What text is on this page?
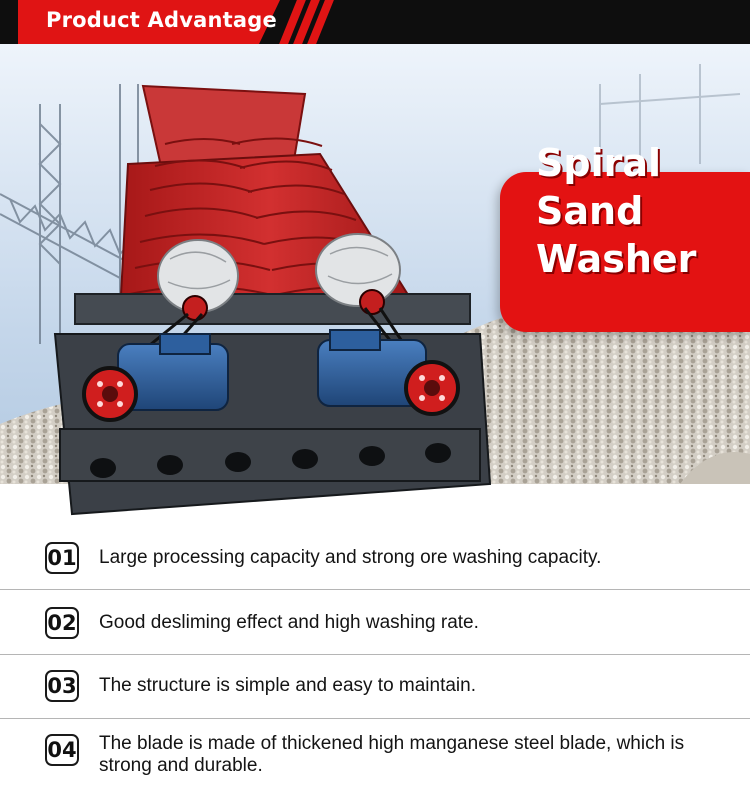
Product Advantage
Spiral
Sand
Washer
01 Large processing capacity and strong ore washing capacity.
02 Good desliming effect and high washing rate.
03 The structure is simple and easy to maintain.
04 The blade is made of thickened high manganese steel blade, which is strong and durable.
